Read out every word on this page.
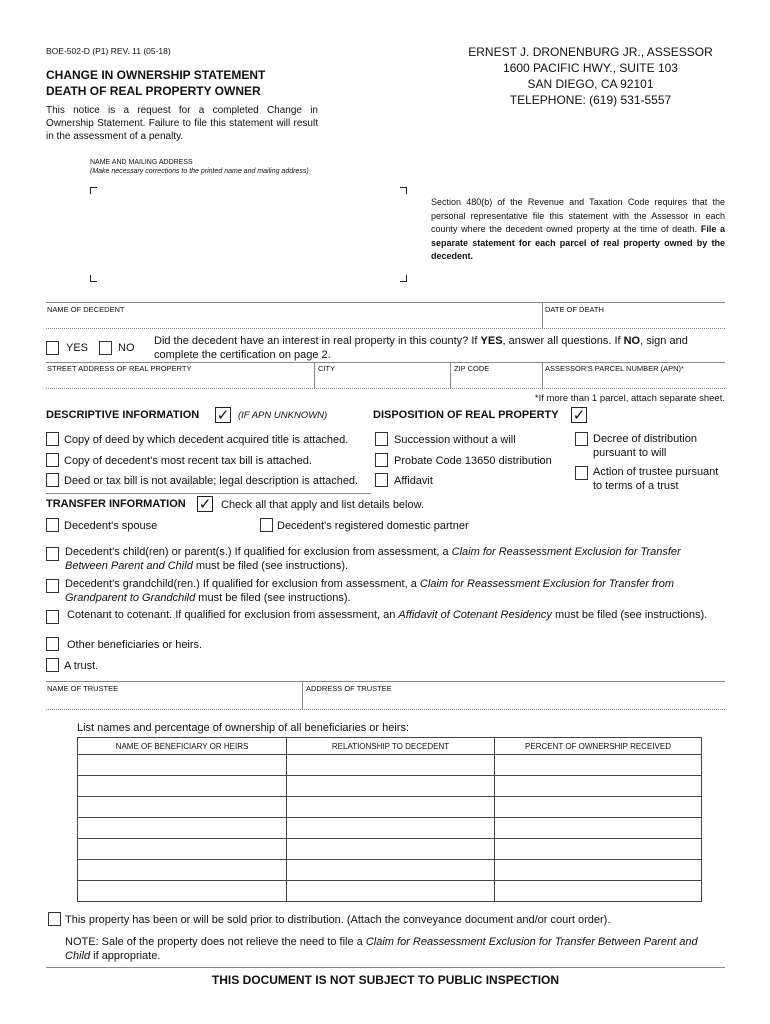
BOE-502-D (P1) REV. 11 (05-18)
CHANGE IN OWNERSHIP STATEMENT
DEATH OF REAL PROPERTY OWNER
This notice is a request for a completed Change in Ownership Statement. Failure to file this statement will result in the assessment of a penalty.
ERNEST J. DRONENBURG JR., ASSESSOR
1600 PACIFIC HWY., SUITE 103
SAN DIEGO, CA 92101
TELEPHONE: (619) 531-5557
NAME AND MAILING ADDRESS
(Make necessary corrections to the printed name and mailing address)
Section 480(b) of the Revenue and Taxation Code requires that the personal representative file this statement with the Assessor in each county where the decedent owned property at the time of death. File a separate statement for each parcel of real property owned by the decedent.
NAME OF DECEDENT	DATE OF DEATH
YES	NO
Did the decedent have an interest in real property in this county? If YES, answer all questions. If NO, sign and complete the certification on page 2.
STREET ADDRESS OF REAL PROPERTY	CITY	ZIP CODE	ASSESSOR'S PARCEL NUMBER (APN)*
*If more than 1 parcel, attach separate sheet.
DESCRIPTIVE INFORMATION ✓ (IF APN UNKNOWN)
Copy of deed by which decedent acquired title is attached.
Copy of decedent's most recent tax bill is attached.
Deed or tax bill is not available; legal description is attached.
DISPOSITION OF REAL PROPERTY ✓
Succession without a will
Probate Code 13650 distribution
Affidavit
Decree of distribution pursuant to will
Action of trustee pursuant to terms of a trust
TRANSFER INFORMATION ✓ Check all that apply and list details below.
Decedent's spouse	Decedent's registered domestic partner
Decedent's child(ren) or parent(s.) If qualified for exclusion from assessment, a Claim for Reassessment Exclusion for Transfer Between Parent and Child must be filed (see instructions).
Decedent's grandchild(ren.) If qualified for exclusion from assessment, a Claim for Reassessment Exclusion for Transfer from Grandparent to Grandchild must be filed (see instructions).
Cotenant to cotenant. If qualified for exclusion from assessment, an Affidavit of Cotenant Residency must be filed (see instructions).
Other beneficiaries or heirs.
A trust.
NAME OF TRUSTEE	ADDRESS OF TRUSTEE
List names and percentage of ownership of all beneficiaries or heirs:
NAME OF BENEFICIARY OR HEIRS	RELATIONSHIP TO DECEDENT	PERCENT OF OWNERSHIP RECEIVED

This property has been or will be sold prior to distribution. (Attach the conveyance document and/or court order).
NOTE: Sale of the property does not relieve the need to file a Claim for Reassessment Exclusion for Transfer Between Parent and Child if appropriate.
THIS DOCUMENT IS NOT SUBJECT TO PUBLIC INSPECTION
